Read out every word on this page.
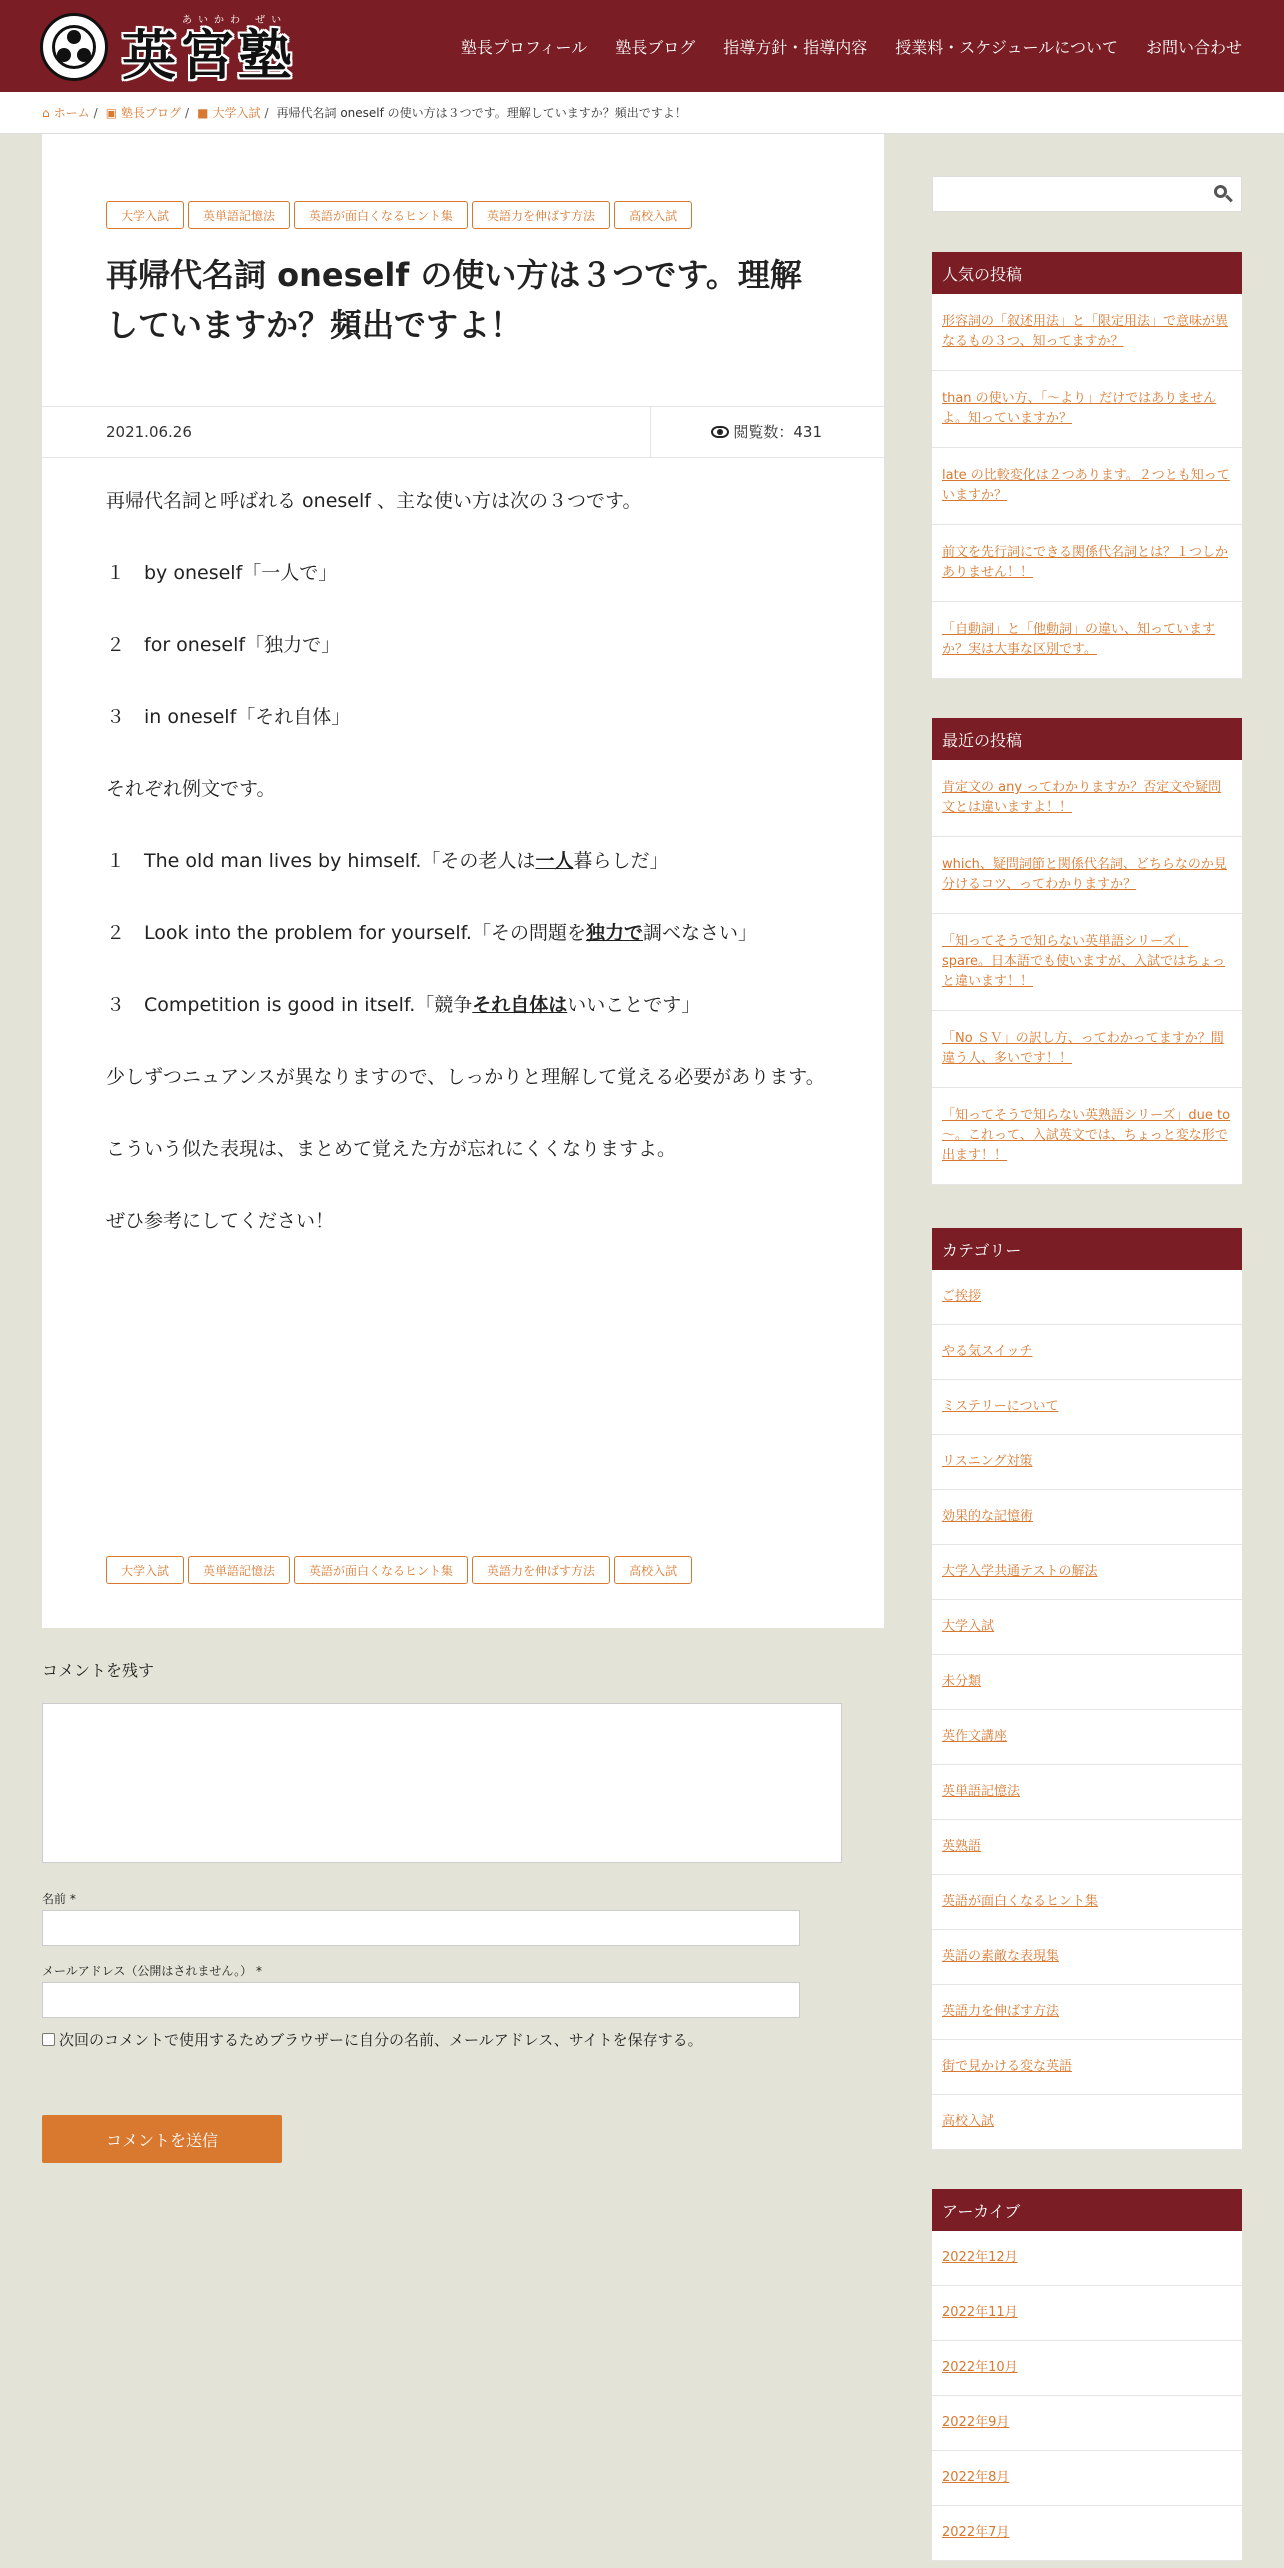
あいかわ ぜい
英宮塾	塾長プロフィール 塾長ブログ 指導方針・指導内容 授業料・スケジュールについて お問い合わせ
⌂ ホーム / ▣ 塾長ブログ / ■ 大学入試 / 再帰代名詞 oneself の使い方は３つです。理解していますか？頻出ですよ！
大学入試	英単語記憶法	英語が面白くなるヒント集	英語力を伸ばす方法	高校入試
再帰代名詞 oneself の使い方は３つです。理解していますか？頻出ですよ！
2021.06.26	閲覧数：431

再帰代名詞と呼ばれる oneself 、主な使い方は次の３つです。

１ by oneself「一人で」

２ for oneself「独力で」

３ in oneself「それ自体」

それぞれ例文です。

１ The old man lives by himself.「その老人は一人暮らしだ」

２ Look into the problem for yourself.「その問題を独力で調べなさい」

３ Competition is good in itself.「競争それ自体はいいことです」

少しずつニュアンスが異なりますので、しっかりと理解して覚える必要があります。

こういう似た表現は、まとめて覚えた方が忘れにくくなりますよ。

ぜひ参考にしてください！

大学入試	英単語記憶法	英語が面白くなるヒント集	英語力を伸ばす方法	高校入試
コメントを残す
名前 *
メールアドレス（公開はされません。） *
次回のコメントで使用するためブラウザーに自分の名前、メールアドレス、サイトを保存する。
コメントを送信
人気の投稿
形容詞の「叙述用法」と「限定用法」で意味が異なるもの３つ、知ってますか？
than の使い方、「～より」だけではありませんよ。知っていますか？
late の比較変化は２つあります。２つとも知っていますか？
前文を先行詞にできる関係代名詞とは？１つしかありません！！
「自動詞」と「他動詞」の違い、知っていますか？実は大事な区別です。
最近の投稿
肯定文の any ってわかりますか？否定文や疑問文とは違いますよ！！
which、疑問詞節と関係代名詞、どちらなのか見分けるコツ、ってわかりますか？
「知ってそうで知らない英単語シリーズ」spare。日本語でも使いますが、入試ではちょっと違います！！
「No ＳＶ」の訳し方、ってわかってますか？間違う人、多いです！！
「知ってそうで知らない英熟語シリーズ」due to ～。これって、入試英文では、ちょっと変な形で出ます！！
カテゴリー
ご挨拶
やる気スイッチ
ミステリーについて
リスニング対策
効果的な記憶術
大学入学共通テストの解法
大学入試
未分類
英作文講座
英単語記憶法
英熟語
英語が面白くなるヒント集
英語の素敵な表現集
英語力を伸ばす方法
街で見かける変な英語
高校入試
アーカイブ
2022年12月
2022年11月
2022年10月
2022年9月
2022年8月
2022年7月
